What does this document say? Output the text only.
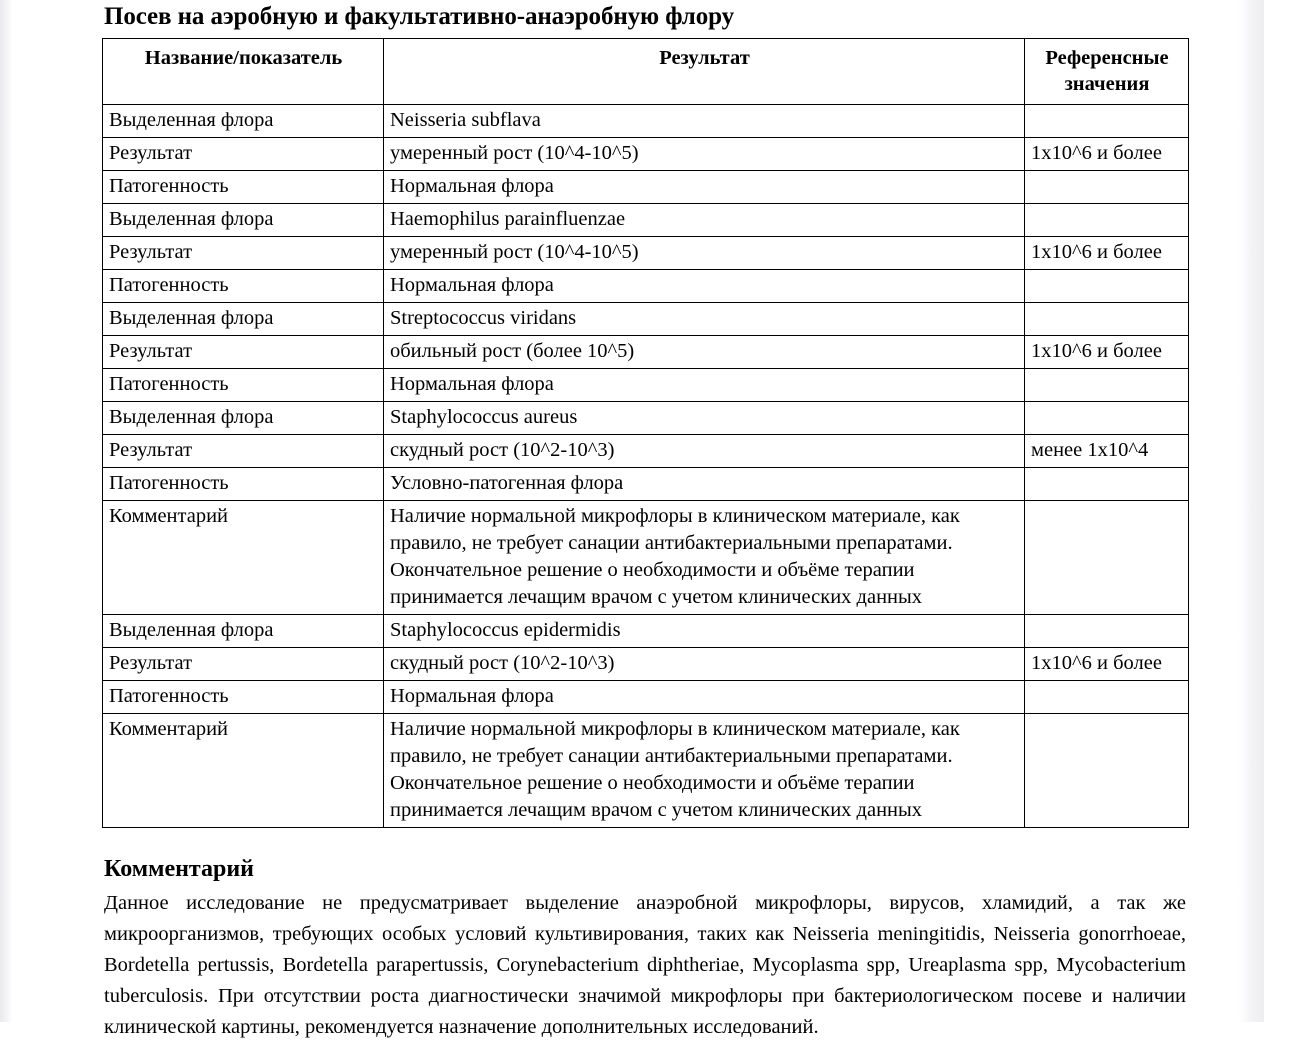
Посев на аэробную и факультативно-анаэробную флору
Название/показатель	Результат	Референсные значения
Выделенная флора	Neisseria subflava	
Результат	умеренный рост (10^4-10^5)	1x10^6 и более
Патогенность	Нормальная флора	
Выделенная флора	Haemophilus parainfluenzae	
Результат	умеренный рост (10^4-10^5)	1x10^6 и более
Патогенность	Нормальная флора	
Выделенная флора	Streptococcus viridans	
Результат	обильный рост (более 10^5)	1x10^6 и более
Патогенность	Нормальная флора	
Выделенная флора	Staphylococcus aureus	
Результат	скудный рост (10^2-10^3)	менее 1x10^4
Патогенность	Условно-патогенная флора	
Комментарий	Наличие нормальной микрофлоры в клиническом материале, как
правило, не требует санации антибактериальными препаратами.
Окончательное решение о необходимости и объёме терапии
принимается лечащим врачом с учетом клинических данных	

Выделенная флора	Staphylococcus epidermidis	
Результат	скудный рост (10^2-10^3)	1x10^6 и более
Патогенность	Нормальная флора	
Комментарий	Наличие нормальной микрофлоры в клиническом материале, как
правило, не требует санации антибактериальными препаратами.
Окончательное решение о необходимости и объёме терапии
принимается лечащим врачом с учетом клинических данных	

Комментарий

Данное исследование не предусматривает выделение анаэробной микрофлоры, вирусов, хламидий, а так же микроорганизмов, требующих особых условий культивирования, таких как Neisseria meningitidis, Neisseria gonorrhoeae, Bordetella pertussis, Bordetella parapertussis, Corynebacterium diphtheriae, Mycoplasma spp, Ureaplasma spp, Mycobacterium tuberculosis. При отсутствии роста диагностически значимой микрофлоры при бактериологическом посеве и наличии клинической картины, рекомендуется назначение дополнительных исследований.
